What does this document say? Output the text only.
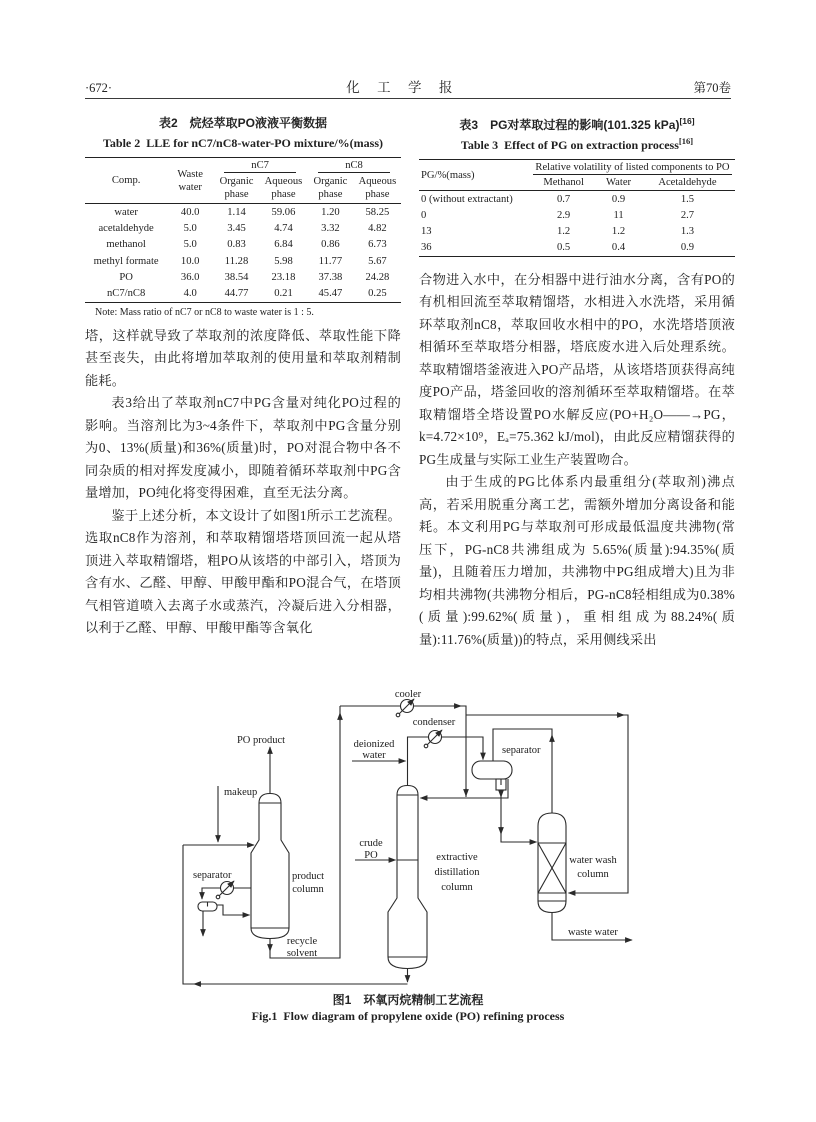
·672·	化 工 学 报	第70卷
表2　烷烃萃取PO液液平衡数据
Table 2  LLE for nC7/nC8-water-PO mixture/%(mass)
Comp.	Waste water	nC7		nC8	

		Organic phase	Aqueous phase	Organic phase	Aqueous phase
water	40.0	1.14	59.06	1.20	58.25
acetaldehyde	5.0	3.45	4.74	3.32	4.82
methanol	5.0	0.83	6.84	0.86	6.73
methyl formate	10.0	11.28	5.98	11.77	5.67
PO	36.0	38.54	23.18	37.38	24.28
nC7/nC8	4.0	44.77	0.21	45.47	0.25
Note: Mass ratio of nC7 or nC8 to waste water is 1 : 5.

塔，这样就导致了萃取剂的浓度降低、萃取性能下降甚至丧失，由此将增加萃取剂的使用量和萃取剂精制能耗。

表3给出了萃取剂nC7中PG含量对纯化PO过程的影响。当溶剂比为3~4条件下，萃取剂中PG含量分别为0、13%(质量)和36%(质量)时，PO对混合物中各不同杂质的相对挥发度减小，即随着循环萃取剂中PG含量增加，PO纯化将变得困难，直至无法分离。

鉴于上述分析，本文设计了如图1所示工艺流程。选取nC8作为溶剂，和萃取精馏塔塔顶回流一起从塔顶进入萃取精馏塔，粗PO从该塔的中部引入，塔顶为含有水、乙醛、甲醇、甲酸甲酯和PO混合气，在塔顶气相管道喷入去离子水或蒸汽，冷凝后进入分相器，以利于乙醛、甲醇、甲酸甲酯等含氧化

表3　PG对萃取过程的影响(101.325 kPa)[16]
Table 3  Effect of PG on extraction process[16]
PG/%(mass)	Relative volatility of listed components to PO		

	Methanol	Water	Acetaldehyde
0 (without extractant)	0.7	0.9	1.5
0	2.9	11	2.7
13	1.2	1.2	1.3
36	0.5	0.4	0.9

合物进入水中，在分相器中进行油水分离，含有PO的有机相回流至萃取精馏塔，水相进入水洗塔，采用循环萃取剂nC8，萃取回收水相中的PO，水洗塔塔顶液相循环至萃取塔分相器，塔底废水进入后处理系统。萃取精馏塔釜液进入PO产品塔，从该塔塔顶获得高纯度PO产品，塔釜回收的溶剂循环至萃取精馏塔。在萃取精馏塔全塔设置PO水解反应(PO+H₂O——→PG，k=4.72×10⁹，Eₐ=75.362 kJ/mol)，由此反应精馏获得的PG生成量与实际工业生产装置吻合。

由于生成的PG比体系内最重组分(萃取剂)沸点高，若采用脱重分离工艺，需额外增加分离设备和能耗。本文利用PG与萃取剂可形成最低温度共沸物(常压下，PG-nC8共沸组成为 5.65%(质量):94.35%(质量)，且随着压力增加，共沸物中PG组成增大)且为非均相共沸物(共沸物分相后，PG-nC8轻相组成为0.38%(质量):99.62%(质量)，重相组成为88.24%(质量):11.76%(质量))的特点，采用侧线采出

PO product
makeup
separator	product
column
recycle
solvent
cooler
condenser
deionized
water
crude
PO	extractive
distillation
column
separator
water wash
column
waste water
图1　环氧丙烷精制工艺流程
Fig.1  Flow diagram of propylene oxide (PO) refining process
